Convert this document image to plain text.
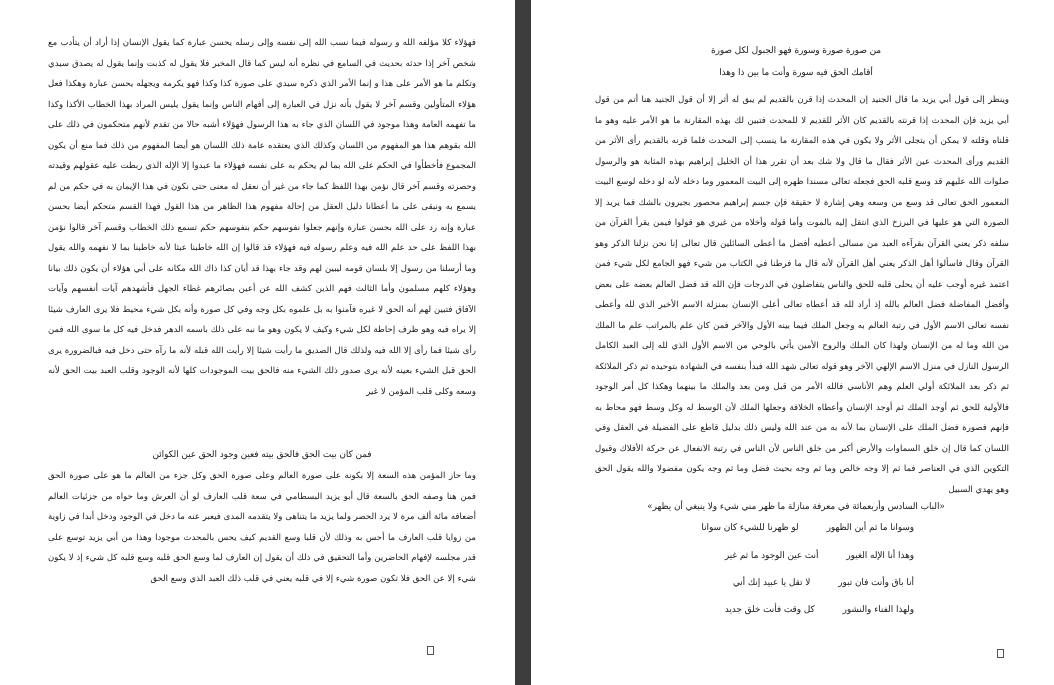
فهؤلاء كلا مؤلفه الله و رسوله فيما نسب الله إلى نفسه وإلى رسله يحسن عبارة كما يقول الإنسان إذا أراد أن يتأدب مع شخص آخر إذا حدثه بحديث في السامع في نظره أنه ليس كما قال المخبر فلا يقول له كذبت وإنما يقول له يصدق سيدي وتكلم ما هو الأمر على هذا و إنما الأمر الذي ذكره سيدي على صورة كذا وكذا فهو يكرمه ويجهله يحسن عبارة وهكذا فعل هؤلاء المتأولين وقسم آخر لا يقول بأنه نزل في العبارة إلى أفهام الناس وإنما يقول يليس المراد بهذا الخطاب الأكذا وكذا ما تفهمه العامة وهذا موجود في اللسان الذي جاء به هذا الرسول فهؤلاء أشبه حالا من تقدم لأنهم متحكمون في ذلك على الله بقوهم هذا هو المفهوم من اللسان وكذلك الذي يعتقده عامة ذلك اللسان هو أيضا المفهوم من ذلك فما منع أن يكون المجموع فأخطأوا في الحكم على الله بما لم يحكم به على نفسه فهؤلاء ما عبدوا إلا الإله الذي ربطت عليه عقولهم وقيدته وحصرته وقسم آخر قال نؤمن بهذا اللفظ كما جاء من غير أن نعقل له معنى حتى نكون في هذا الإيمان به في حكم من لم يسمع به ونبقى على ما أعطانا دليل العقل من إحالة مفهوم هذا الظاهر من هذا القول فهذا القسم متحكم أيضا بحسن عبارة وإنه رد على الله بحسن عبارة وإنهم جعلوا نفوسهم حكم بنفوسهم حكم تسمع ذلك الخطاب وقسم آخر قالوا نؤمن بهذا اللفظ على حد علم الله فيه وعلم رسوله فيه فهؤلاء قد قالوا إن الله خاطبنا عبثا لأنه خاطبنا بما لا نفهمه والله يقول وما أرسلنا من رسول إلا بلسان قومه ليبين لهم وقد جاء بهذا قد أيان كذا ذاك الله مكانه على أبي هؤلاء أن يكون ذلك بيانا وهؤلاء كلهم مسلمون وأما الثالث فهم الذين كشف الله عن أعين بصائرهم غطاء الجهل فأشهدهم آيات أنفسهم وآيات الآفاق فتبين لهم أنه الحق لا غيره فآمنوا به بل علموه بكل وجه وفي كل صورة وأنه بكل شيء محيط فلا يرى العارف شيئا إلا يراه فيه وهو ظرف إحاطة لكل شيء وكيف لا يكون وهو ما نبه على ذلك باسمه الدهر فدخل فيه كل ما سوى الله فمن رأى شيئا فما رأى إلا الله فيه ولذلك قال الصديق ما رأيت شيئا إلا رأيت الله قبله لأنه ما رآه حتى دخل فيه فبالضرورة يرى الحق قبل الشيء بعينه لأنه يرى صدور ذلك الشيء منه فالحق بيت الموجودات كلها لأنه الوجود وقلب العبد بيت الحق لأنه وسعه وكلى قلب المؤمن لا غير

فمن كان بيت الحق فالحق بيته فعين وجود الحق عين الكوائن

وما حاز المؤمن هذه السعة إلا بكونه على صورة العالم وعلى صورة الحق وكل جزء من العالم ما هو على صورة الحق فمن هنا وصفه الحق بالسعة قال أبو يزيد البسطامي في سعة قلب العارف لو أن العرش وما حواه من جزئيات العالم أضعافه مائة ألف مرة لا يرد الحصر ولما يزيد ما يتناهى ولا يتقدمه المدى فيعبر عنه ما دخل في الوجود ودخل أبدا في زاوية من زوايا قلب العارف ما أحس به وذلك لأن قلبا وسع القديم كيف يحس بالمحدث موجودا وهذا من أبي يزيد توسع على قدر مجلسه لإفهام الحاضرين وأما التحقيق في ذلك أن يقول إن العارف لما وسع الحق قلبه وسع قلبه كل شيء إذ لا يكون شيء إلا عن الحق فلا تكون صورة شيء إلا في قلبه يعني في قلب ذلك العبد الذي وسع الحق

من صورة صورة وسورة فهو الجبول لكل صورة
أقامك الحق فيه سورة وأنت ما بين ذا وهذا

وينظر إلى قول أبي يزيد ما قال الجنيد إن المحدث إذا قرن بالقديم لم يبق له أثر إلا أن قول الجنيد هنا أتم من قول أبي يزيد فإن المحدث إذا قرنته بالقديم كان الأثر للقديم لا للمحدث فتبين لك بهذه المقارنة ما هو الأمر عليه وهو ما قلناه وقلته لا يمكن أن يتجلى الأثر ولا يكون في هذه المقارنة ما ينسب إلى المحدث فلما قرنه بالقديم رأى الأثر من القديم ورأى المحدث عين الأثر فقال ما قال ولا شك بعد أن تقرر هذا أن الخليل إبراهيم بهذه المثابة هو والرسول صلوات الله عليهم قد وسع قلبه الحق فجعله تعالى مسندا ظهره إلى البيت المعمور وما دخله لأنه لو دخله لوسع البيت المعمور الحق تعالى قد وسع من وسعه وهي إشارة لا حقيقة فإن جسم إبراهيم محصور بجيرون بالشك فما يريد إلا الصورة التي هو عليها في البرزخ الذي انتقل إليه بالموت وأما قوله وأخلاه من غيري هو قولوا فيمن يقرأ القرآن من سلفه ذكر يعني القرآن بقرآءه العبد من مسالى أعطيه أفضل ما أعطى السائلين قال تعالى إنا نحن نزلنا الذكر وهو القرآن وقال فاسألوا أهل الذكر يعني أهل القرآن لأنه قال ما فرطنا في الكتاب من شيء فهو الجامع لكل شيء فمن اعتمد غيره أوجب عليه أن يحلى قلبه للحق والناس يتفاضلون في الدرجات فإن الله قد فضل العالم بعضه على بعض وأفضل المفاضلة فضل العالم بالله إذ أراد لله قد أعطاه تعالى أعلى الإنسان بمنزلة الاسم الأخير الذي لله وأعطى نفسه تعالى الاسم الأول في رتبة العالم به وجعل الملك فيما بينه الأول والآخر فمن كان علم بالمراتب علم ما الملك من الله وما له من الإنسان ولهذا كان الملك والروح الأمين يأتي بالوحي من الاسم الأول الذي لله إلى العبد الكامل الرسول النازل في منزل الاسم الإلهي الآخر وهو قوله تعالى شهد الله فبدأ بنفسه في الشهادة بتوحيده ثم ذكر الملائكة ثم ذكر بعد الملائكة أولي العلم وهم الأناسي فالله الأمر من قبل ومن بعد والملك ما بينهما وهكذا كل أمر الوجود فالأولية للحق ثم أوجد الملك ثم أوجد الإنسان وأعطاه الخلافة وجعلها الملك لأن الوسط له وكل وسط فهو محاط به فإنهم فصورة فضل الملك على الإنسان بما لأنه به من عند الله وليس ذلك بدليل قاطع على الفضيلة في العقل وفي اللسان كما قال إن خلق السماوات والأرض أكبر من خلق الناس لأن الناس في رتبة الانفعال عن حركة الأفلاك وقبول التكوين الذي في العناصر فما ثم إلا وجه خالص وما ثم وجه بحيث فضل وما ثم وجه يكون مفضولا والله يقول الحق وهو يهدي السبيل

«الباب السادس وأربعمائة في معرفة منازلة ما ظهر مني شيء ولا ينبغي أن يظهر»
وسوانا ما ثم أين الظهور
لو ظهرنا للشيء كان سوانا
وهذا أنا الإله الغيور
أنت عين الوجود ما ثم غير
أنا باق وأنت فان تبور
لا تقل يا عبيد إنك أني
ولهذا الفناء والنشور
كل وقت فأنت خلق جديد
